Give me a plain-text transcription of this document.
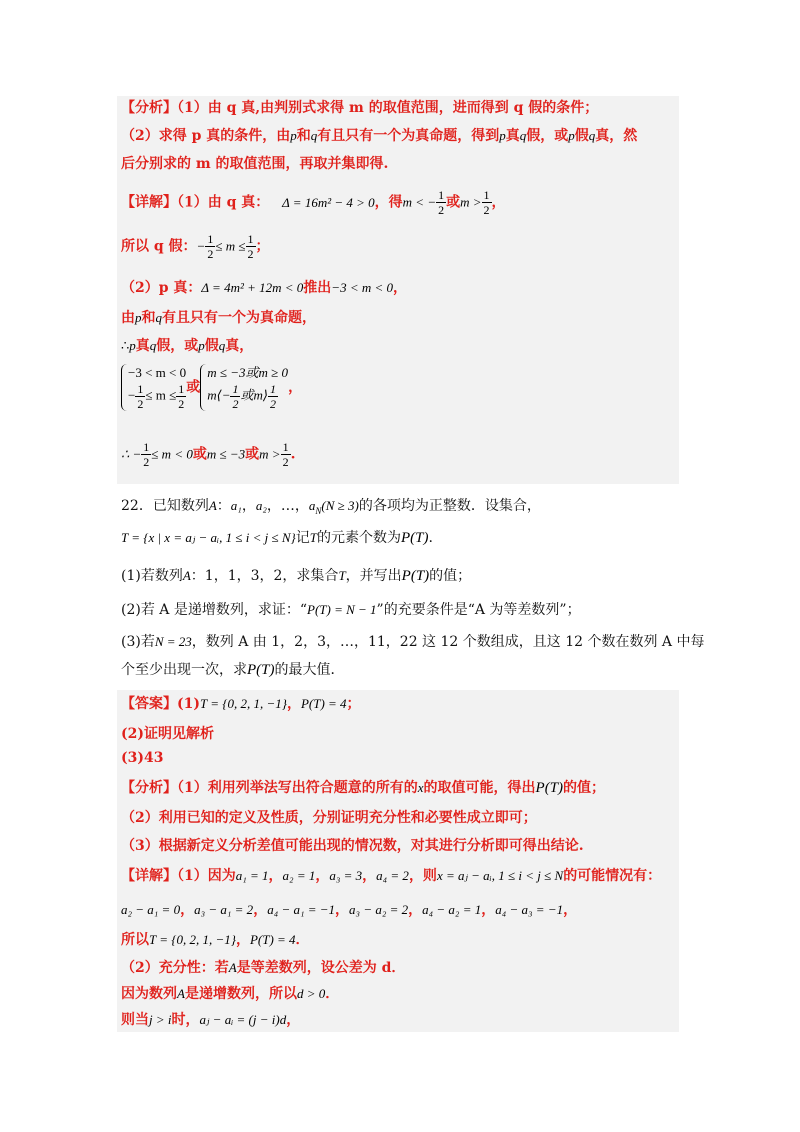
【分析】（1）由 q 真,由判别式求得 m 的取值范围，进而得到 q 假的条件；
（2）求得 p 真的条件，由p和q有且只有一个为真命题，得到p真q假，或p假q真，然
后分别求的 m 的取值范围，再取并集即得.
【详解】（1）由 q 真： Δ = 16m² − 4 > 0，得m < − $\frac{1}{2}$ 或$m > \frac{1}{2}$ ，
所以 q 假：− $\frac{1}{2} \le m \le \frac{1}{2}$ ；
（2）p 真：Δ = 4m² + 12m < 0推出−3 < m < 0，
由p和q有且只有一个为真命题，
∴p真q假，或p假q真，
−3 < m < 0
− $\frac{1}{2} \le m \le \frac{1}{2}$ 或
m ≤ −3或m ≥ 0
m⟨− $\frac{1}{2}$ 或m⟩ $\frac{1}{2}$ ，
∴ − $\frac{1}{2} \le m < 0$或m ≤ −3或$m > \frac{1}{2}$ .
22．已知数列A：a₁，a₂，…，$a_N(N \ge 3)$的各项均为正整数．设集合，
T = {x | x = aⱼ − aᵢ, 1 ≤ i < j ≤ N}记T的元素个数为P(T).
(1)若数列A：1，1，3，2，求集合T，并写出P(T)的值；
(2)若 A 是递增数列，求证：“P(T) = N − 1”的充要条件是“A 为等差数列”；
(3)若N = 23，数列 A 由 1，2，3，…，11，22 这 12 个数组成，且这 12 个数在数列 A 中每
个至少出现一次，求P(T)的最大值．
【答案】(1)T = {0, 2, 1, −1}，P(T) = 4；
(2)证明见解析
(3)43
【分析】（1）利用列举法写出符合题意的所有的x的取值可能，得出P(T)的值；
（2）利用已知的定义及性质，分别证明充分性和必要性成立即可；
（3）根据新定义分析差值可能出现的情况数，对其进行分析即可得出结论.
【详解】（1）因为a₁ = 1，a₂ = 1，a₃ = 3，a₄ = 2，则x = aⱼ − aᵢ, 1 ≤ i < j ≤ N的可能情况有：
a₂ − a₁ = 0，a₃ − a₁ = 2，a₄ − a₁ = −1，a₃ − a₂ = 2，a₄ − a₂ = 1，a₄ − a₃ = −1，
所以T = {0, 2, 1, −1}，P(T) = 4．
（2）充分性：若A是等差数列，设公差为 d．
因为数列A是递增数列，所以d > 0．
则当j > i时，aⱼ − aᵢ = (j − i)d，
